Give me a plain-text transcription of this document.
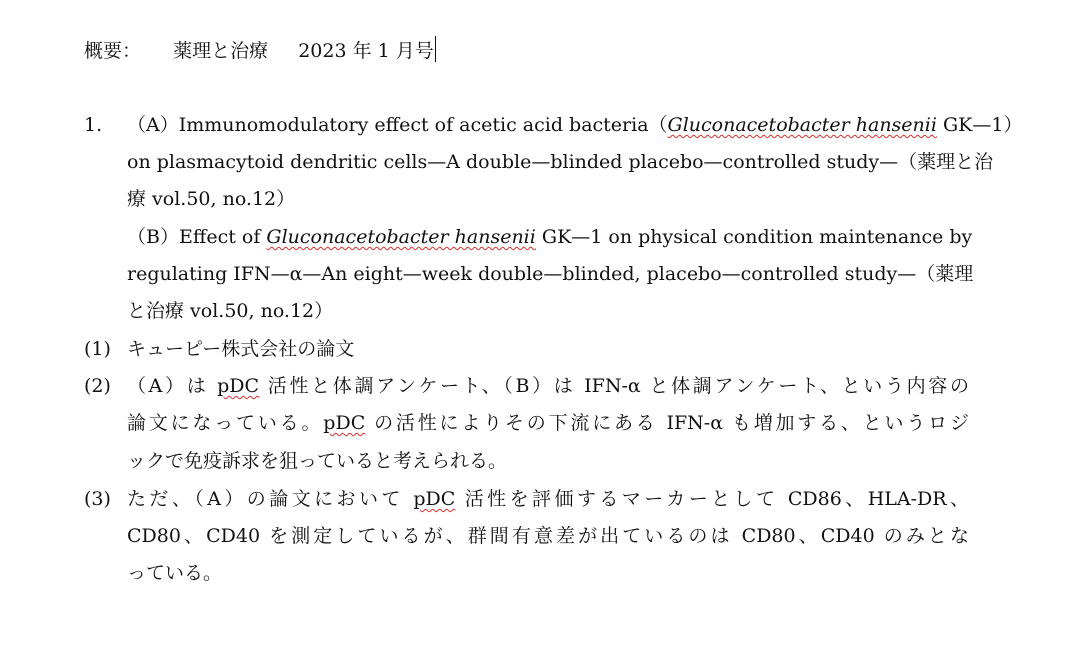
概要： 薬理と治療 2023 年 1 月号
1. （A）Immunomodulatory effect of acetic acid bacteria（Gluconacetobacter hansenii GK—1）
on plasmacytoid dendritic cells—A double—blinded placebo—controlled study—（薬理と治
療 vol.50, no.12）
（B）Effect of Gluconacetobacter hansenii GK—1 on physical condition maintenance by
regulating IFN—α—An eight—week double—blinded, placebo—controlled study—（薬理
と治療 vol.50, no.12）
(1) キューピー株式会社の論文
(2) （A）は pDC 活性と体調アンケート、（B）は IFN-α と体調アンケート、という内容の
論文になっている。pDC の活性によりその下流にある IFN-α も増加する、というロジ
ックで免疫訴求を狙っていると考えられる。
(3) ただ、（A）の論文において pDC 活性を評価するマーカーとして CD86、HLA-DR、
CD80、CD40 を測定しているが、群間有意差が出ているのは CD80、CD40 のみとな
っている。
